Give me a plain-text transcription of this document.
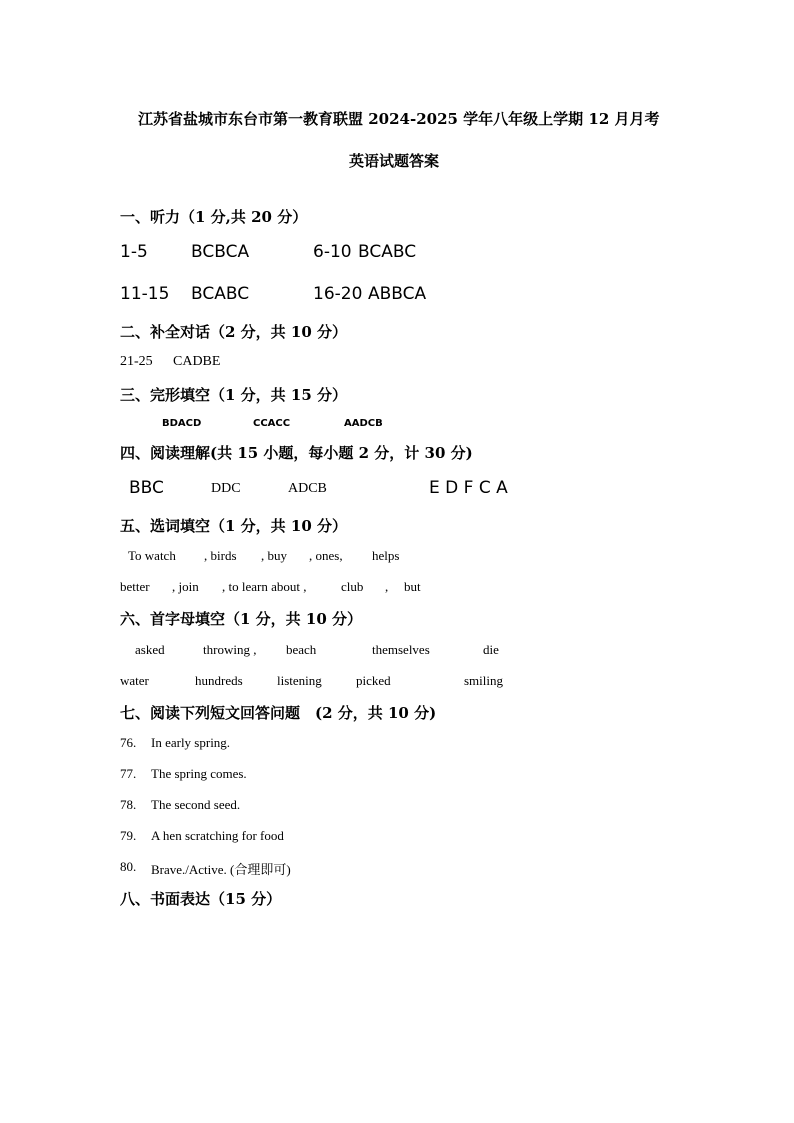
江苏省盐城市东台市第一教育联盟 2024-2025 学年八年级上学期 12 月月考
英语试题答案
一、听力（1 分,共 20 分）
1-5	BCBCA	6-10 BCABC
11-15 BCABC	16-20 ABBCA
二、补全对话（2 分，共 10 分）
21-25 CADBE
三、完形填空（1 分，共 15 分）
BDACD	CCACC	AADCB
四、阅读理解(共 15 小题，每小题 2 分，计 30 分)
BBC	DDC	ADCB	E D F C A
五、选词填空（1 分，共 10 分）
To watch , birds , buy , ones, helps
better , join , to learn about ,	club , but
六、首字母填空（1 分，共 10 分）
asked	throwing , beach	themselves	die
water	hundreds	listening	picked	smiling
七、阅读下列短文回答问题　(2 分，共 10 分)
76. In early spring.
77. The spring comes.
78. The second seed.
79. A hen scratching for food
80. Brave./Active. (合理即可)
八、书面表达（15 分）
